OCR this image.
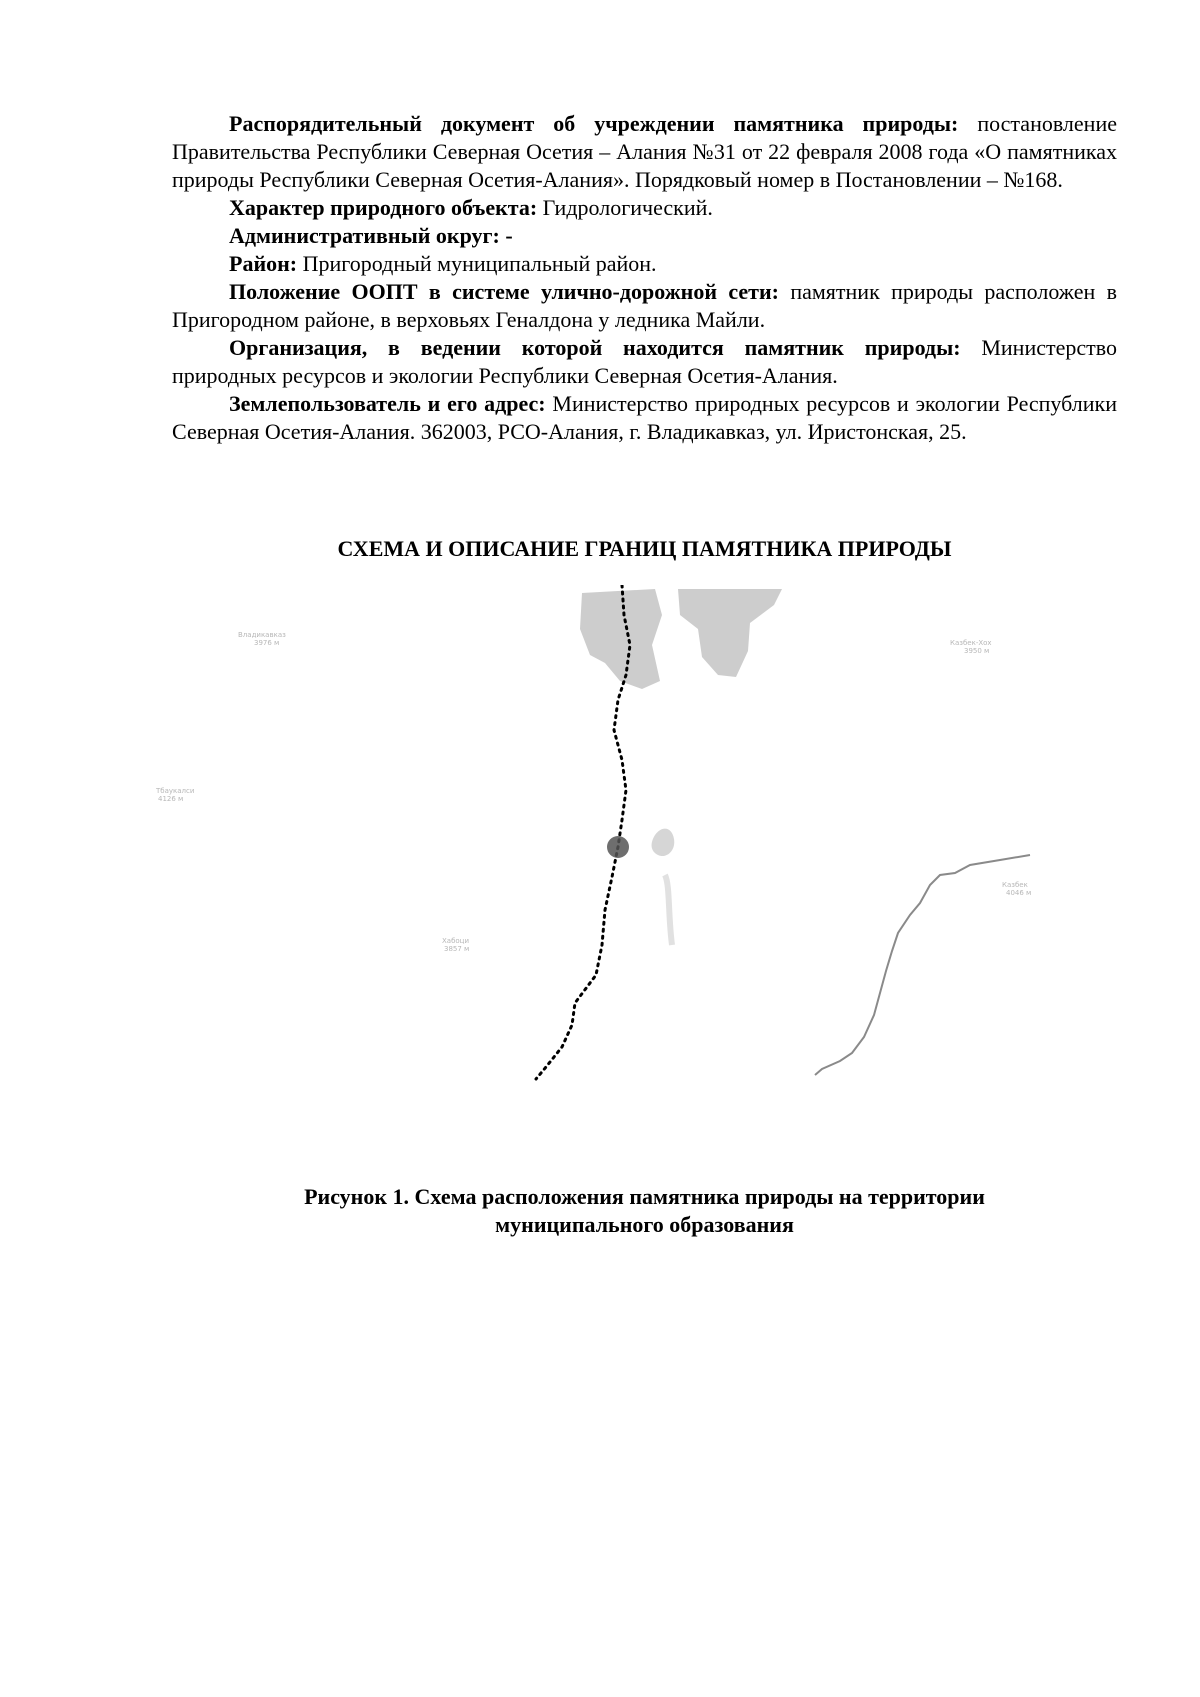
Распорядительный документ об учреждении памятника природы: постановление Правительства Республики Северная Осетия – Алания №31 от 22 февраля 2008 года «О памятниках природы Республики Северная Осетия-Алания». Порядковый номер в Постановлении – №168.

Характер природного объекта: Гидрологический.

Административный округ: -

Район: Пригородный муниципальный район.

Положение ООПТ в системе улично-дорожной сети: памятник природы расположен в Пригородном районе, в верховьях Геналдона у ледника Майли.

Организация, в ведении которой находится памятник природы: Министерство природных ресурсов и экологии Республики Северная Осетия-Алания.

Землепользователь и его адрес: Министерство природных ресурсов и экологии Республики Северная Осетия-Алания. 362003, РСО-Алания, г. Владикавказ, ул. Иристонская, 25.

СХЕМА И ОПИСАНИЕ ГРАНИЦ ПАМЯТНИКА ПРИРОДЫ
Владикавказ
3976 м	Казбек-Хох
3950 м
Тбаукалси
4126 м
Хабоци
3857 м
Казбек
4046 м
Рисунок 1. Схема расположения памятника природы на территории
муниципального образования
